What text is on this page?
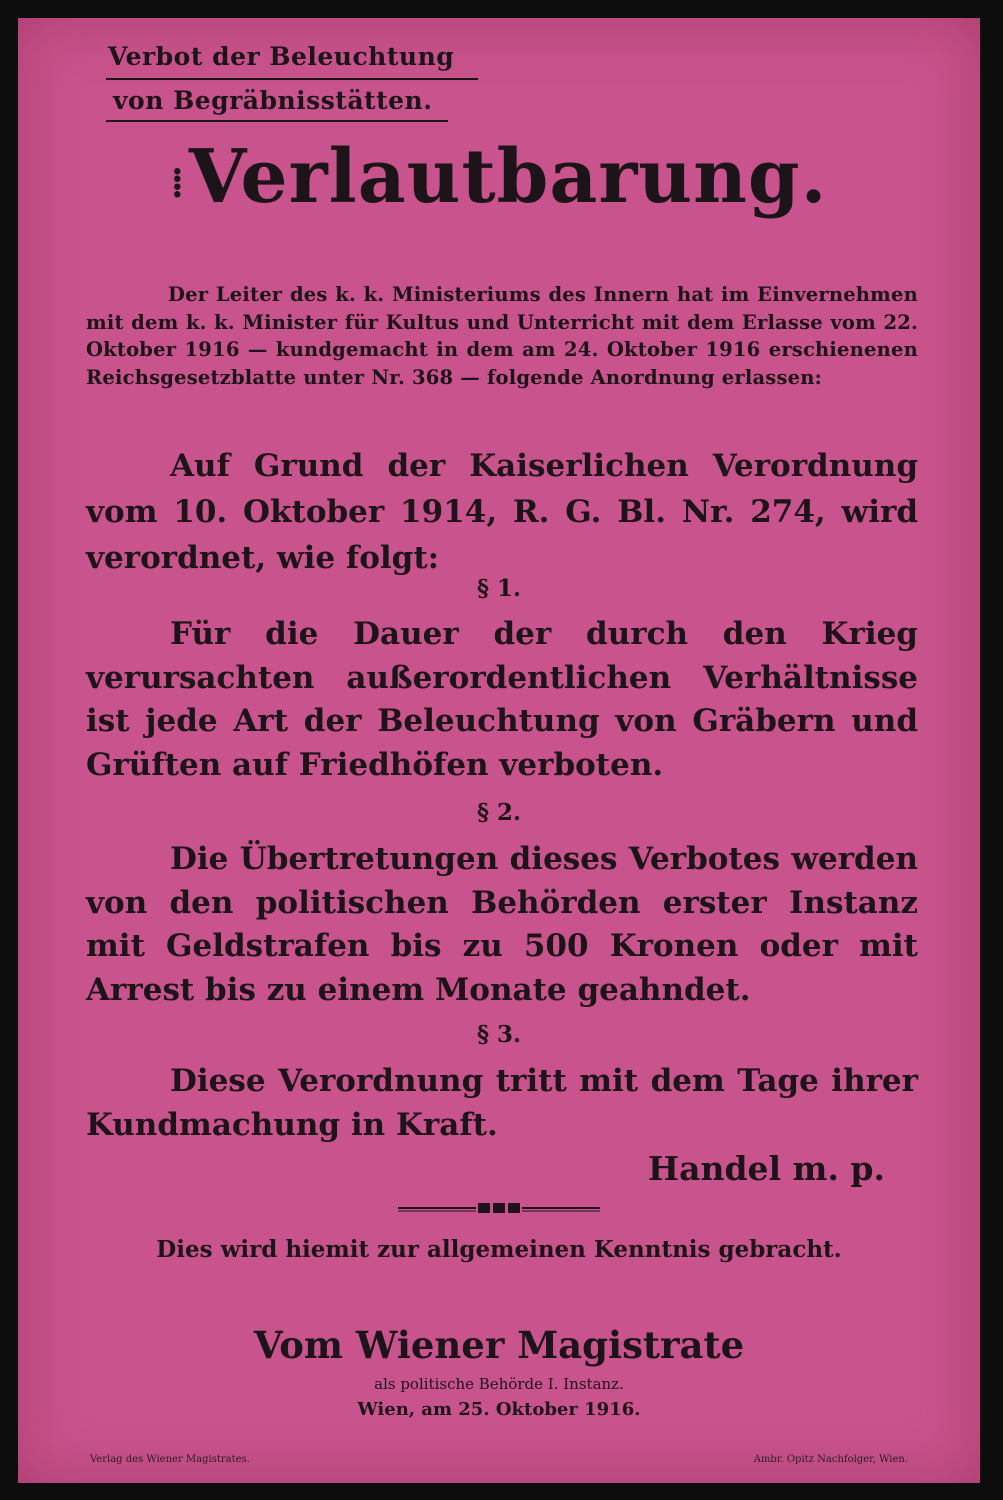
Verbot der Beleuchtung
von Begräbnisstätten.
⁞Verlautbarung.
Der Leiter des k. k. Ministeriums des Innern hat im Einvernehmen mit dem k. k. Minister für Kultus und Unterricht mit dem Erlasse vom 22. Oktober 1916 — kundgemacht in dem am 24. Oktober 1916 erschienenen Reichsgesetzblatte unter Nr. 368 — folgende Anordnung erlassen:
Auf Grund der Kaiserlichen Verordnung vom 10. Oktober 1914, R. G. Bl. Nr. 274, wird verordnet, wie folgt:
§ 1.
Für die Dauer der durch den Krieg verursachten außerordentlichen Verhältnisse ist jede Art der Beleuchtung von Gräbern und Grüften auf Friedhöfen verboten.
§ 2.
Die Übertretungen dieses Verbotes werden von den politischen Behörden erster Instanz mit Geldstrafen bis zu 500 Kronen oder mit Arrest bis zu einem Monate geahndet.
§ 3.
Diese Verordnung tritt mit dem Tage ihrer Kundmachung in Kraft.
Handel m. p.
Dies wird hiemit zur allgemeinen Kenntnis gebracht.
Vom Wiener Magistrate
als politische Behörde I. Instanz.
Wien, am 25. Oktober 1916.
Verlag des Wiener Magistrates.	Ambr. Opitz Nachfolger, Wien.
